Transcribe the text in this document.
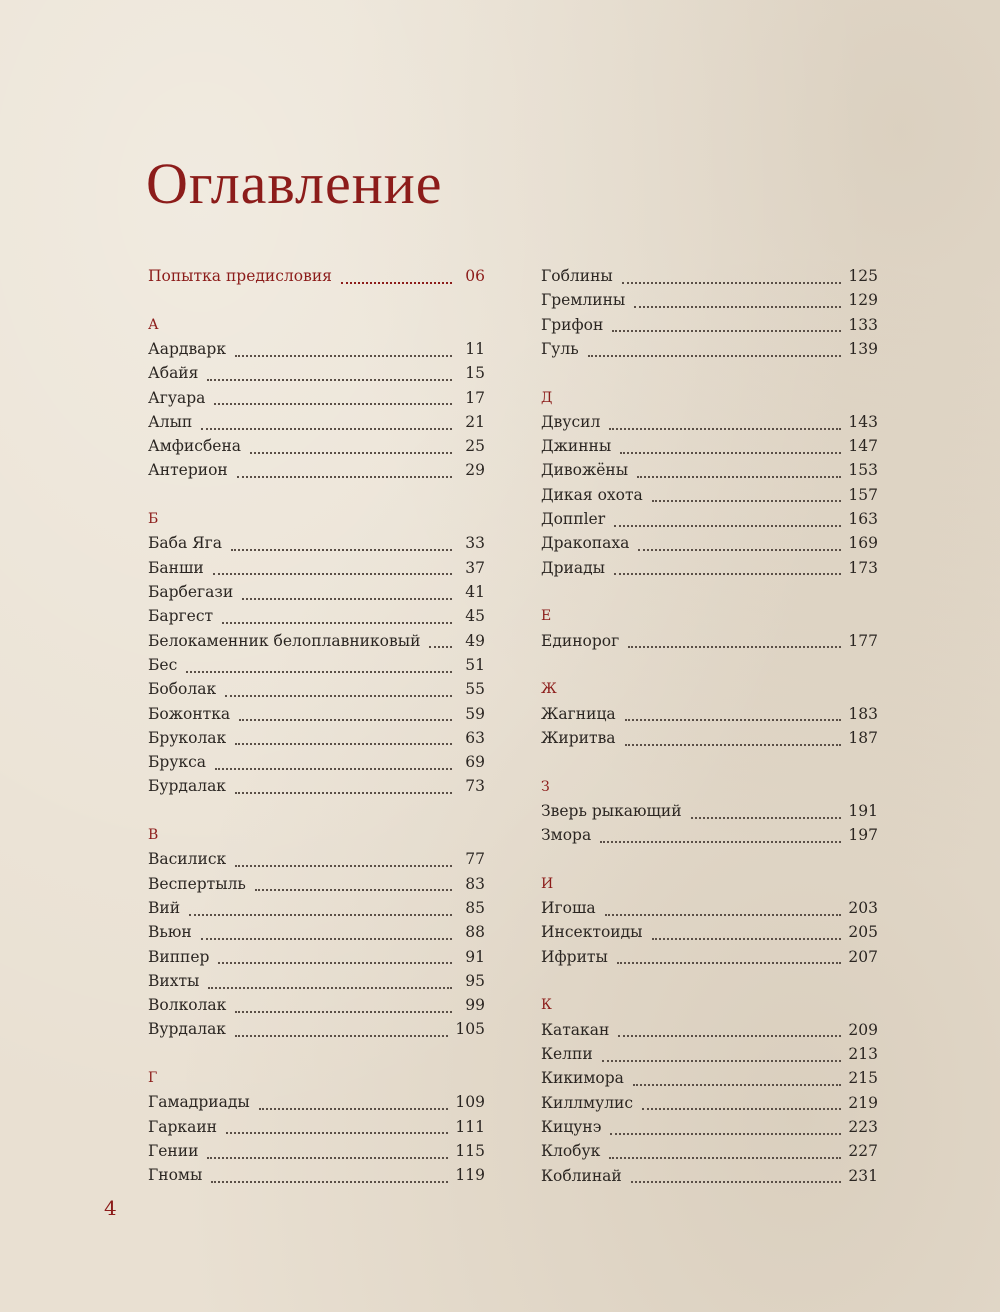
Оглавление
Попытка предисловия	06
А
Аардварк	11
Абайя	15
Агуара	17
Алып	21
Амфисбена	25
Антерион	29
Б
Баба Яга	33
Банши	37
Барбегази	41
Баргест	45
Белокаменник белоплавниковый	49
Бес	51
Боболак	55
Божонтка	59
Бруколак	63
Брукса	69
Бурдалак	73
В
Василиск	77
Веспертыль	83
Вий	85
Вьюн	88
Виппер	91
Вихты	95
Волколак	99
Вурдалак	105
Г
Гамадриады	109
Гаркаин	111
Гении	115
Гномы	119
Гоблины	125
Гремлины	129
Грифон	133
Гуль	139
Д
Двусил	143
Джинны	147
Дивожёны	153
Дикая охота	157
Доппler	163
Дракопаха	169
Дриады	173
Е
Единорог	177
Ж
Жагница	183
Жиритва	187
З
Зверь рыкающий	191
Змора	197
И
Игоша	203
Инсектоиды	205
Ифриты	207
К
Катакан	209
Келпи	213
Кикимора	215
Киллмулис	219
Кицунэ	223
Клобук	227
Коблинай	231
4
